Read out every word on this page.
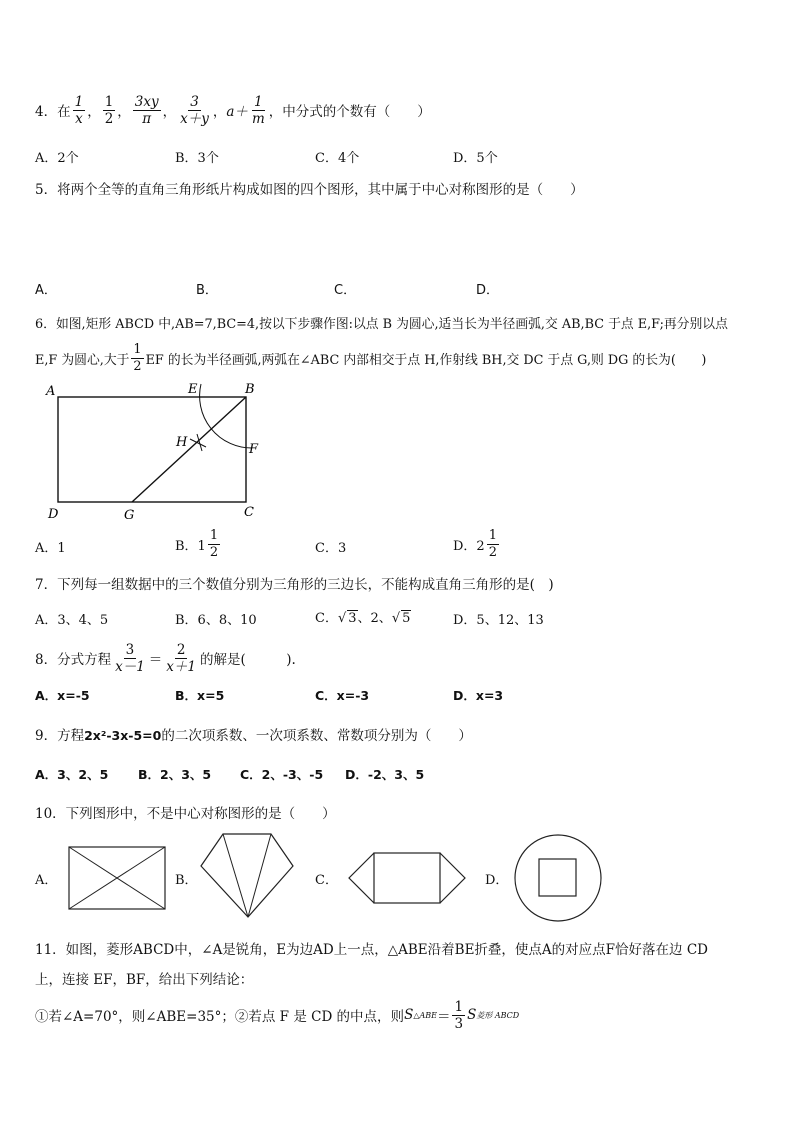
4．在 $\frac{1}{x}$ ， $\frac{1}{2}$ ， $\frac{3xy}{\pi}$ ， $\frac{3}{x+y}$ ， $a+ \frac{1}{m}$ ，中分式的个数有（　　）
A．2个	B．3个	C．4个	D．5个
5．将两个全等的直角三角形纸片构成如图的四个图形，其中属于中心对称图形的是（　　）
A．	B．	C．	D．
6．如图,矩形 ABCD 中,AB=7,BC=4,按以下步骤作图:以点 B 为圆心,适当长为半径画弧,交 AB,BC 于点 E,F;再分别以点
E,F 为圆心,大于 $\frac{1}{2}$ EF 的长为半径画弧,两弧在∠ABC 内部相交于点 H,作射线 BH,交 DC 于点 G,则 DG 的长为(　　)
A	E	B
H	F
D	G	C
A．1	B．$1 \frac{1}{2}$	C．3	D．$2 \frac{1}{2}$
7．下列每一组数据中的三个数值分别为三角形的三边长，不能构成直角三角形的是(　)
A．3、4、5	B．6、8、10	C．√ 3、2、√ 5	D．5、12、13
8．分式方程 $\frac{3}{x-1} = \frac{2}{x+1}$ 的解是(　　　).
A．x=-5	B．x=5	C．x=-3	D．x=3
9．方程2x²-3x-5=0的二次项系数、一次项系数、常数项分别为（　　）
A．3、2、5 B．2、3、5 C．2、-3、-5 D．-2、3、5
10．下列图形中，不是中心对称图形的是（　　）
A．	B．	C．	D．
11．如图，菱形ABCD中，∠A是锐角，E为边AD上一点，△ABE沿着BE折叠，使点A的对应点F恰好落在边 CD
上，连接 EF，BF，给出下列结论：
①若∠A=70°，则∠ABE=35°；②若点 F 是 CD 的中点，则 S △ABE ＝ $\frac{1}{3}$ S 菱形 ABCD
